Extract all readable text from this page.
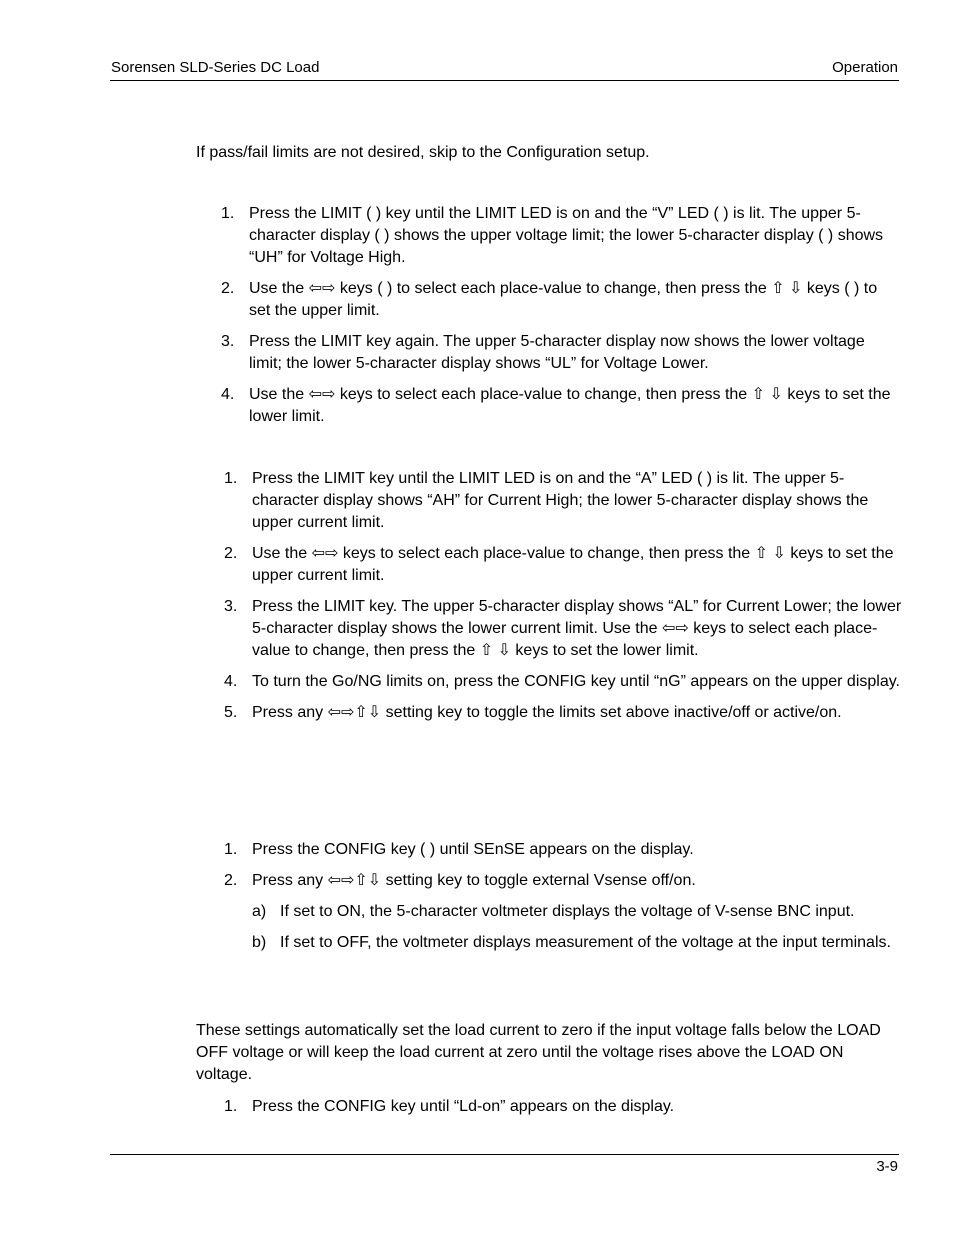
Sorensen SLD-Series DC Load	Operation

If pass/fail limits are not desired, skip to the Configuration setup.

1. Press the LIMIT ( ) key until the LIMIT LED is on and the “V” LED ( ) is lit. The upper 5-character display ( ) shows the upper voltage limit; the lower 5-character display ( ) shows “UH” for Voltage High.
2. Use the ⇦⇨ keys ( ) to select each place-value to change, then press the ⇧ ⇩ keys ( ) to set the upper limit.
3. Press the LIMIT key again. The upper 5-character display now shows the lower voltage limit; the lower 5-character display shows “UL” for Voltage Lower.
4. Use the ⇦⇨ keys to select each place-value to change, then press the ⇧ ⇩ keys to set the lower limit.
1. Press the LIMIT key until the LIMIT LED is on and the “A” LED ( ) is lit. The upper 5-character display shows “AH” for Current High; the lower 5-character display shows the upper current limit.
2. Use the ⇦⇨ keys to select each place-value to change, then press the ⇧ ⇩ keys to set the upper current limit.
3. Press the LIMIT key. The upper 5-character display shows “AL” for Current Lower; the lower 5-character display shows the lower current limit. Use the ⇦⇨ keys to select each place-value to change, then press the ⇧ ⇩ keys to set the lower limit.
4. To turn the Go/NG limits on, press the CONFIG key until “nG” appears on the upper display.
5. Press any ⇦⇨⇧⇩ setting key to toggle the limits set above inactive/off or active/on.
1. Press the CONFIG key ( ) until SEnSE appears on the display.
2. Press any ⇦⇨⇧⇩ setting key to toggle external Vsense off/on.
a) If set to ON, the 5-character voltmeter displays the voltage of V-sense BNC input.
b) If set to OFF, the voltmeter displays measurement of the voltage at the input terminals.

These settings automatically set the load current to zero if the input voltage falls below the LOAD OFF voltage or will keep the load current at zero until the voltage rises above the LOAD ON voltage.

1. Press the CONFIG key until “Ld-on” appears on the display.
3-9
